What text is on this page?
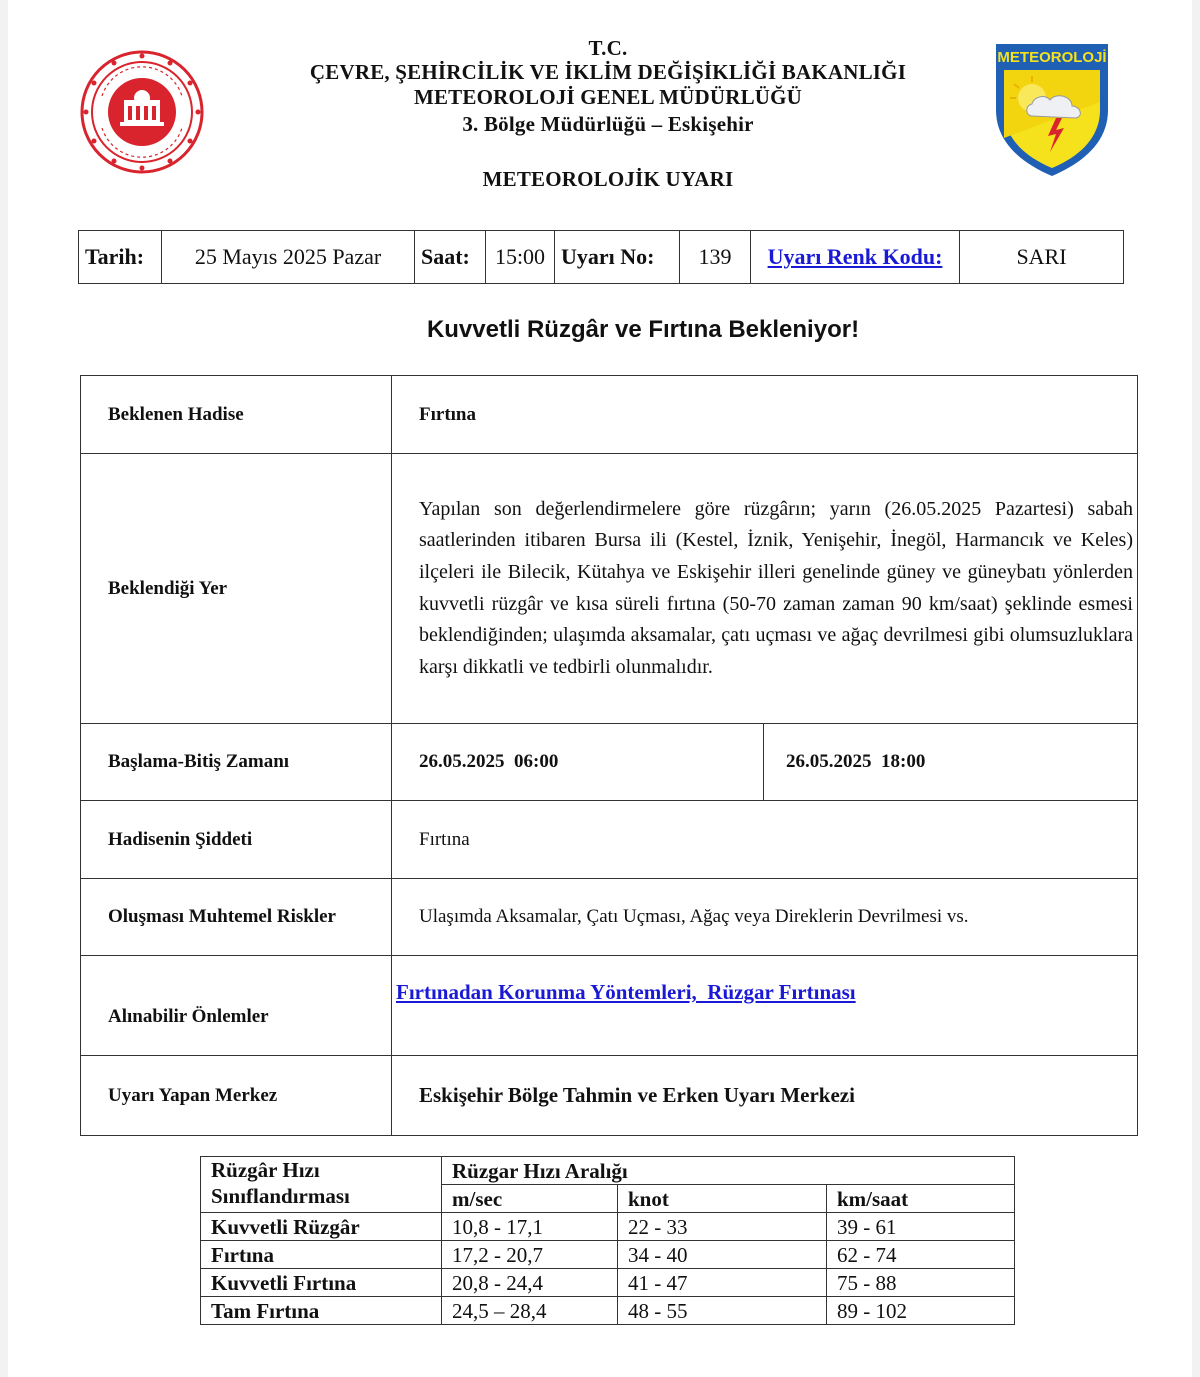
T.C.
ÇEVRE, ŞEHİRCİLİK VE İKLİM DEĞİŞİKLİĞİ BAKANLIĞI
METEOROLOJİ GENEL MÜDÜRLÜĞÜ
3. Bölge Müdürlüğü – Eskişehir
METEOROLOJİK UYARI
METEOROLOJİ
Tarih:	25 Mayıs 2025 Pazar	Saat:	15:00	Uyarı No:	139	Uyarı Renk Kodu:	SARI
Kuvvetli Rüzgâr ve Fırtına Bekleniyor!
Beklenen Hadise	Fırtına	
Beklendiği Yer	Yapılan son değerlendirmelere göre rüzgârın; yarın (26.05.2025 Pazartesi) sabah saatlerinden itibaren Bursa ili (Kestel, İznik, Yenişehir, İnegöl, Harmancık ve Keles) ilçeleri ile Bilecik, Kütahya ve Eskişehir illeri genelinde güney ve güneybatı yönlerden kuvvetli rüzgâr ve kısa süreli fırtına (50-70 zaman zaman 90 km/saat) şeklinde esmesi beklendiğinden; ulaşımda aksamalar, çatı uçması ve ağaç devrilmesi gibi olumsuzluklara karşı dikkatli ve tedbirli olunmalıdır.	

Başlama-Bitiş Zamanı	26.05.2025  06:00	26.05.2025  18:00
Hadisenin Şiddeti	Fırtına	
Oluşması Muhtemel Riskler	Ulaşımda Aksamalar, Çatı Uçması, Ağaç veya Direklerin Devrilmesi vs.	
Alınabilir Önlemler	Fırtınadan Korunma Yöntemleri,  Rüzgar Fırtınası	
Uyarı Yapan Merkez	Eskişehir Bölge Tahmin ve Erken Uyarı Merkezi	
Rüzgâr Hızı
Sınıflandırması	Rüzgar Hızı Aralığı		
	m/sec	knot	km/saat
Kuvvetli Rüzgâr	10,8 - 17,1	22 - 33	39 - 61
Fırtına	17,2 - 20,7	34 - 40	62 - 74
Kuvvetli Fırtına	20,8 - 24,4	41 - 47	75 - 88
Tam Fırtına	24,5 – 28,4	48 - 55	89 - 102
